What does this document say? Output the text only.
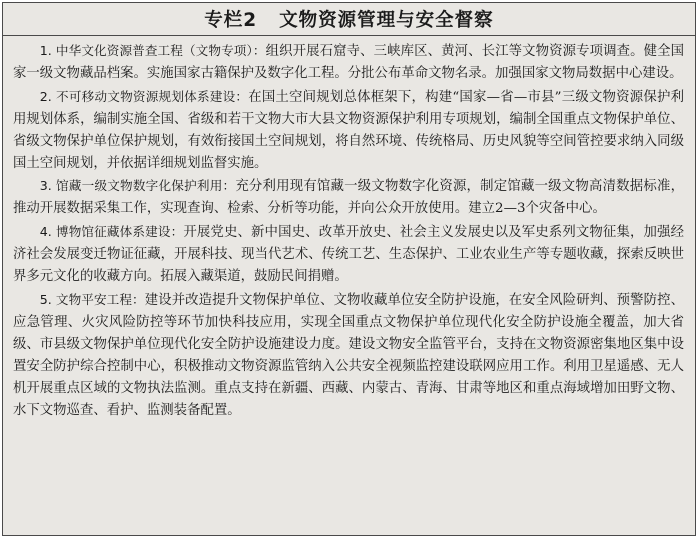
专栏2 文物资源管理与安全督察

1. 中华文化资源普查工程（文物专项）：组织开展石窟寺、三峡库区、黄河、长江等文物资源专项调查。健全国家一级文物藏品档案。实施国家古籍保护及数字化工程。分批公布革命文物名录。加强国家文物局数据中心建设。

2. 不可移动文物资源规划体系建设：在国土空间规划总体框架下，构建“国家—省—市县”三级文物资源保护利用规划体系，编制实施全国、省级和若干文物大市大县文物资源保护利用专项规划，编制全国重点文物保护单位、省级文物保护单位保护规划，有效衔接国土空间规划，将自然环境、传统格局、历史风貌等空间管控要求纳入同级国土空间规划，并依据详细规划监督实施。

3. 馆藏一级文物数字化保护利用：充分利用现有馆藏一级文物数字化资源，制定馆藏一级文物高清数据标准，推动开展数据采集工作，实现查询、检索、分析等功能，并向公众开放使用。建立2—3个灾备中心。

4. 博物馆征藏体系建设：开展党史、新中国史、改革开放史、社会主义发展史以及军史系列文物征集，加强经济社会发展变迁物证征藏，开展科技、现当代艺术、传统工艺、生态保护、工业农业生产等专题收藏，探索反映世界多元文化的收藏方向。拓展入藏渠道，鼓励民间捐赠。

5. 文物平安工程：建设并改造提升文物保护单位、文物收藏单位安全防护设施，在安全风险研判、预警防控、应急管理、火灾风险防控等环节加快科技应用，实现全国重点文物保护单位现代化安全防护设施全覆盖，加大省级、市县级文物保护单位现代化安全防护设施建设力度。建设文物安全监管平台，支持在文物资源密集地区集中设置安全防护综合控制中心，积极推动文物资源监管纳入公共安全视频监控建设联网应用工作。利用卫星遥感、无人机开展重点区域的文物执法监测。重点支持在新疆、西藏、内蒙古、青海、甘肃等地区和重点海域增加田野文物、水下文物巡查、看护、监测装备配置。
